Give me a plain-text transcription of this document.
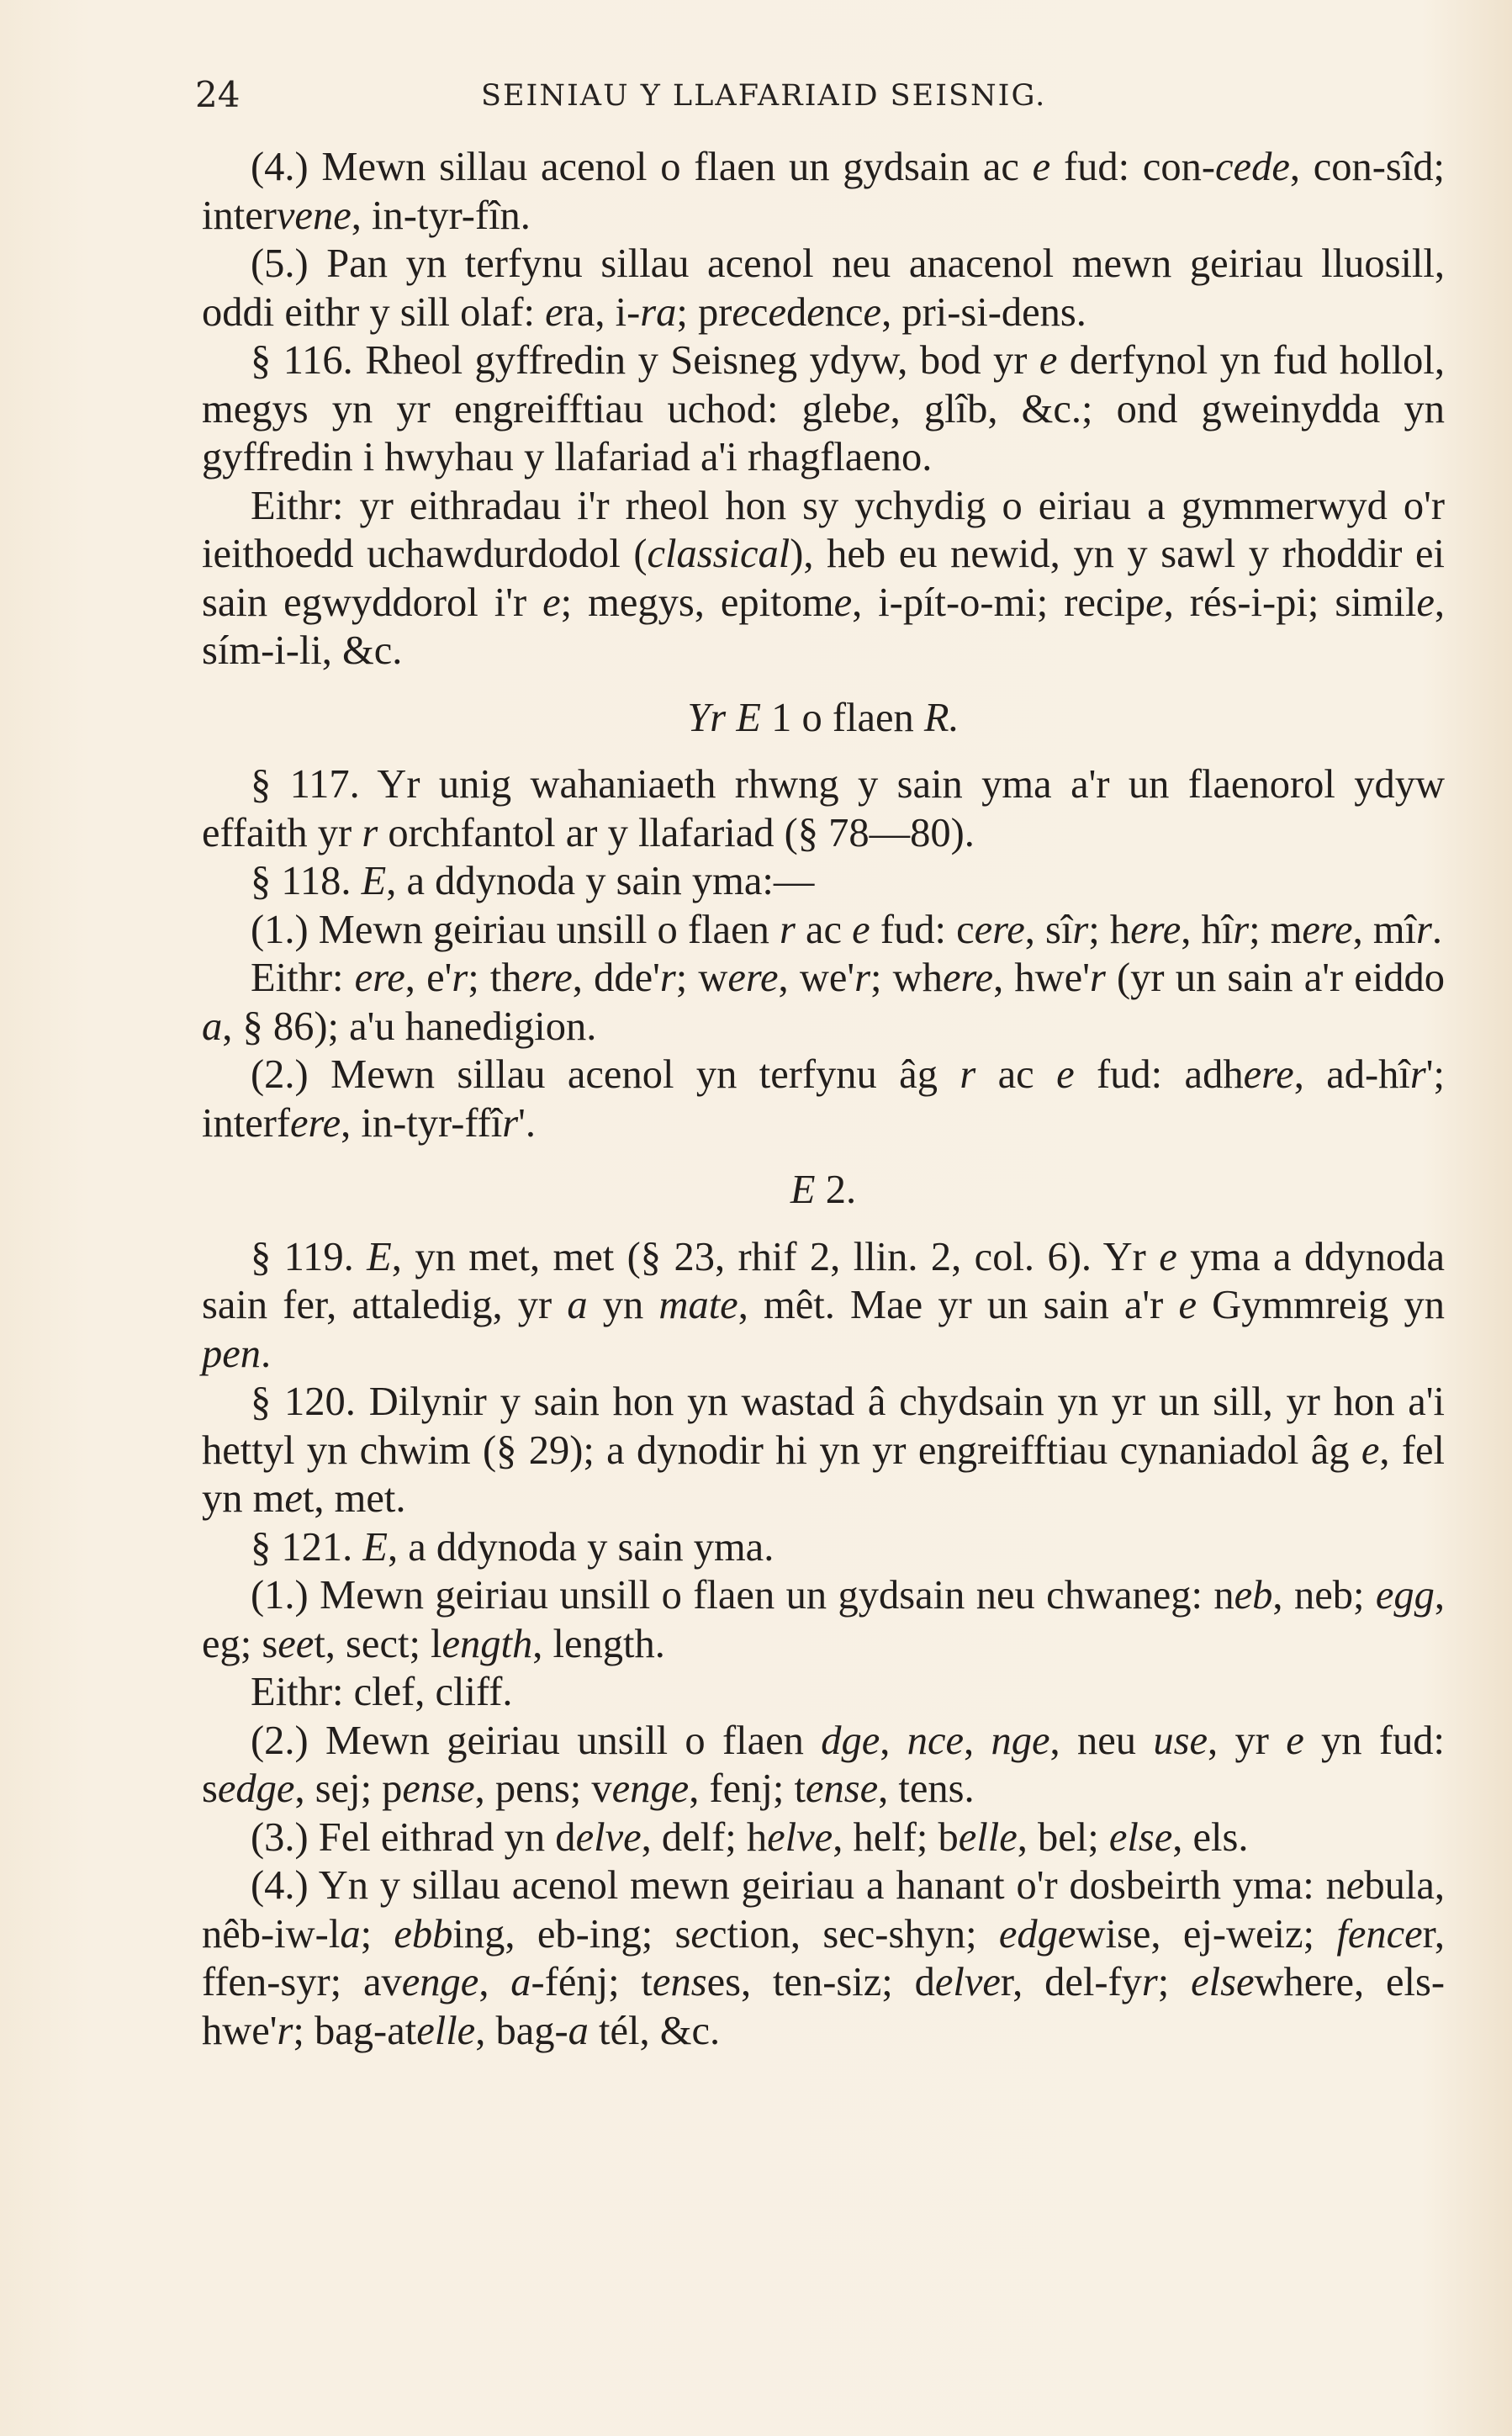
24	SEINIAU Y LLAFARIAID SEISNIG.

(4.) Mewn sillau acenol o flaen un gydsain ac e fud: con-cede, con-sîd; intervene, in-tyr-fîn.

(5.) Pan yn terfynu sillau acenol neu anacenol mewn geiriau lluosill, oddi eithr y sill olaf: era, i-ra; precedence, pri-si-dens.

§ 116. Rheol gyffredin y Seisneg ydyw, bod yr e derfynol yn fud hollol, megys yn yr engreifftiau uchod: glebe, glîb, &c.; ond gweinydda yn gyffredin i hwyhau y llafariad a'i rhagflaeno.

Eithr: yr eithradau i'r rheol hon sy ychydig o eiriau a gymmerwyd o'r ieithoedd uchawdurdodol (classical), heb eu newid, yn y sawl y rhoddir ei sain egwyddorol i'r e; megys, epitome, i-pít-o-mi; recipe, rés-i-pi; simile, sím-i-li, &c.

Yr E 1 o flaen R.

§ 117. Yr unig wahaniaeth rhwng y sain yma a'r un flaenorol ydyw effaith yr r orchfantol ar y llafariad (§ 78—80).

§ 118. E, a ddynoda y sain yma:—

(1.) Mewn geiriau unsill o flaen r ac e fud: cere, sîr; here, hîr; mere, mîr.

Eithr: ere, e'r; there, dde'r; were, we'r; where, hwe'r (yr un sain a'r eiddo a, § 86); a'u hanedigion.

(2.) Mewn sillau acenol yn terfynu âg r ac e fud: adhere, ad-hîr'; interfere, in-tyr-ffîr'.

E 2.

§ 119. E, yn met, met (§ 23, rhif 2, llin. 2, col. 6). Yr e yma a ddynoda sain fer, attaledig, yr a yn mate, mêt. Mae yr un sain a'r e Gymmreig yn pen.

§ 120. Dilynir y sain hon yn wastad â chydsain yn yr un sill, yr hon a'i hettyl yn chwim (§ 29); a dynodir hi yn yr engreifftiau cynaniadol âg e, fel yn met, met.

§ 121. E, a ddynoda y sain yma.

(1.) Mewn geiriau unsill o flaen un gydsain neu chwaneg: neb, neb; egg, eg; seet, sect; length, length.

Eithr: clef, cliff.

(2.) Mewn geiriau unsill o flaen dge, nce, nge, neu use, yr e yn fud: sedge, sej; pense, pens; venge, fenj; tense, tens.

(3.) Fel eithrad yn delve, delf; helve, helf; belle, bel; else, els.

(4.) Yn y sillau acenol mewn geiriau a hanant o'r dosbeirth yma: nebula, nêb-iw-la; ebbing, eb-ing; section, sec-shyn; edgewise, ej-weiz; fencer, ffen-syr; avenge, a-fénj; tenses, ten-siz; delver, del-fyr; elsewhere, els-hwe'r; bag-atelle, bag-a tél, &c.
